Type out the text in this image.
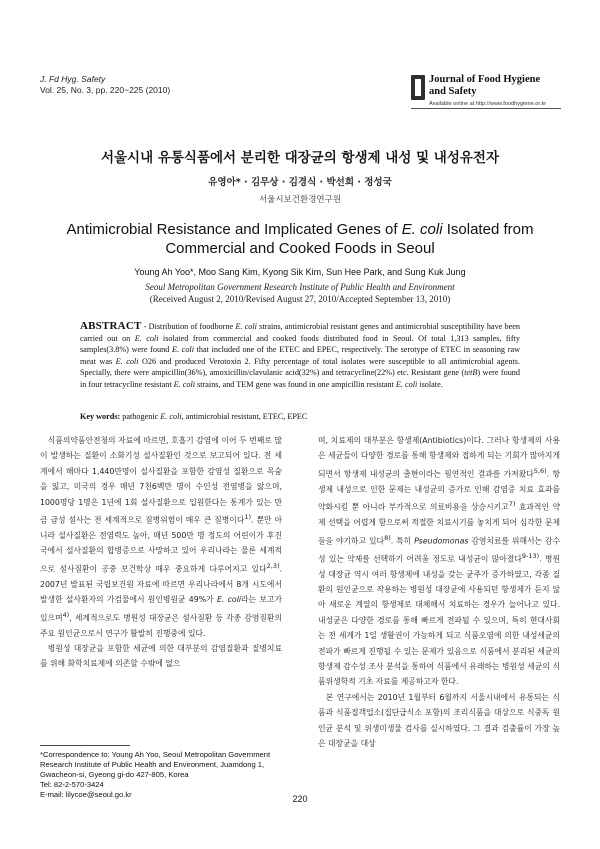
J. Fd Hyg. Safety
Vol. 25, No. 3, pp. 220~225 (2010)
Journal of Food Hygiene
and Safety
Available online at http://www.foodhygiene.or.kr
서울시내 유통식품에서 분리한 대장균의 항생제 내성 및 내성유전자
유영아* · 김무상 · 김경식 · 박선희 · 정성국
서울시보건환경연구원
Antimicrobial Resistance and Implicated Genes of E. coli Isolated from Commercial and Cooked Foods in Seoul
Young Ah Yoo*, Moo Sang Kim, Kyong Sik Kim, Sun Hee Park, and Sung Kuk Jung
Seoul Metropolitan Government Research Institute of Public Health and Environment
(Received August 2, 2010/Revised August 27, 2010/Accepted September 13, 2010)
ABSTRACT - Distribution of foodborne E. coli strains, antimicrobial resistant genes and antimicrobial susceptibility have been carried out on E. coli isolated from commercial and cooked foods distributed food in Seoul. Of total 1,313 samples, fifty samples(3.8%) were found E. coli that included one of the ETEC and EPEC, respectively. The serotype of ETEC in seasoning raw meat was E. coli O26 and produced Verotoxin 2. Fifty percentage of total isolates were susceptible to all antimicrobial agents. Specially, there were ampicillin(36%), amoxicillin/clavulanic acid(32%) and tetracycline(22%) etc. Resistant gene (tetB) were found in four tetracycline resistant E. coli strains, and TEM gene was found in one ampicillin resistant E. coli isolate.
Key words: pathogenic E. coli, antimicrobial resistant, ETEC, EPEC

식품의약품안전청의 자료에 따르면, 호흡기 감염에 이어 두 번째로 많이 발생하는 질환이 소화기성 설사질환인 것으로 보고되어 있다. 전 세계에서 해마다 1,440만명이 설사질환을 포함한 감염성 질환으로 목숨을 잃고, 미국의 경우 매년 7천6백만 명이 수인성 전염병을 앓으며, 1000명당 1명은 1년에 1회 설사질환으로 입원한다는 통계가 있는 만큼 급성 설사는 전 세계적으로 질병위험이 매우 큰 질병이다$^{1)}$. 뿐만 아니라 설사질환은 전염력도 높아, 매년 500만 명 정도의 어린이가 후진국에서 설사질환의 합병증으로 사망하고 있어 우리나라는 물론 세계적으로 설사질환이 공중 보건학상 매우 중요하게 다루어지고 있다$^{2,3)}$. 2007년 발표된 국립보건원 자료에 따르면 우리나라에서 8개 시도에서 발생한 설사환자의 가검물에서 원인병원균 49%가 E. coli라는 보고가 있으며$^{4)}$, 세계적으로도 병원성 대장균은 설사질환 등 각종 감염질환의 주요 원인균으로서 연구가 활발히 진행중에 있다.

병원성 대장균을 포함한 세균에 의한 대부분의 감염질환과 질병치료를 위해 화학치료제에 의존할 수밖에 없으

며, 치료제의 대부분은 항생제(Antibiotics)이다. 그러나 항생제의 사용은 세균들이 다양한 경로를 통해 항생제와 접하게 되는 기회가 많아지게 되면서 항생제 내성균의 출현이라는 필연적인 결과를 가져왔다$^{5,6)}$. 항생제 내성으로 인한 문제는 내성균의 증가로 인해 감염증 치료 효과를 약화시킬 뿐 아니라 부가적으로 의료비용을 상승시키고$^{7)}$ 효과적인 약제 선택을 어렵게 함으로써 적절한 치료시기를 놓치게 되어 심각한 문제들을 야기하고 있다$^{8)}$. 특히 Pseudomonas 감염치료를 위해서는 감수성 있는 약제를 선택하기 어려울 정도로 내성균이 많아졌다$^{9-13)}$. 병원성 대장균 역시 여러 항생제에 내성을 갖는 균주가 증가하였고, 각종 질환의 원인균으로 작용하는 병원성 대장균에 사용되던 항생제가 듣지 않아 새로운 계열의 항생제로 대체해서 치료하는 경우가 늘어나고 있다. 내성균은 다양한 경로를 통해 빠르게 전파될 수 있으며, 특히 현대사회는 전 세계가 1일 생활권이 가능하게 되고 식품오염에 의한 내성세균의 전파가 빠르게 진행될 수 있는 문제가 있음으로 식품에서 분리된 세균의 항생제 감수성 조사 분석을 통하여 식품에서 유래하는 병원성 세균의 식품위생학적 기초 자료를 제공하고자 한다.

본 연구에서는 2010년 1월부터 6월까지 서울시내에서 유통되는 식품과 식품접객업소(집단급식소 포함)의 조리식품을 대상으로 식중독 원인균 분석 및 위생미생물 검사를 실시하였다. 그 결과 검출률이 가장 높은 대장균을 대상

*Correspondence to: Young Ah Yoo, Seoul Metropolitan Government Research Institute of Public Health and Environment, Juamdong 1, Gwacheon-si, Gyeong gi-do 427-805, Korea
Tel: 82-2-570-3424
E-mail: lilycoe@seoul.go.kr	220
